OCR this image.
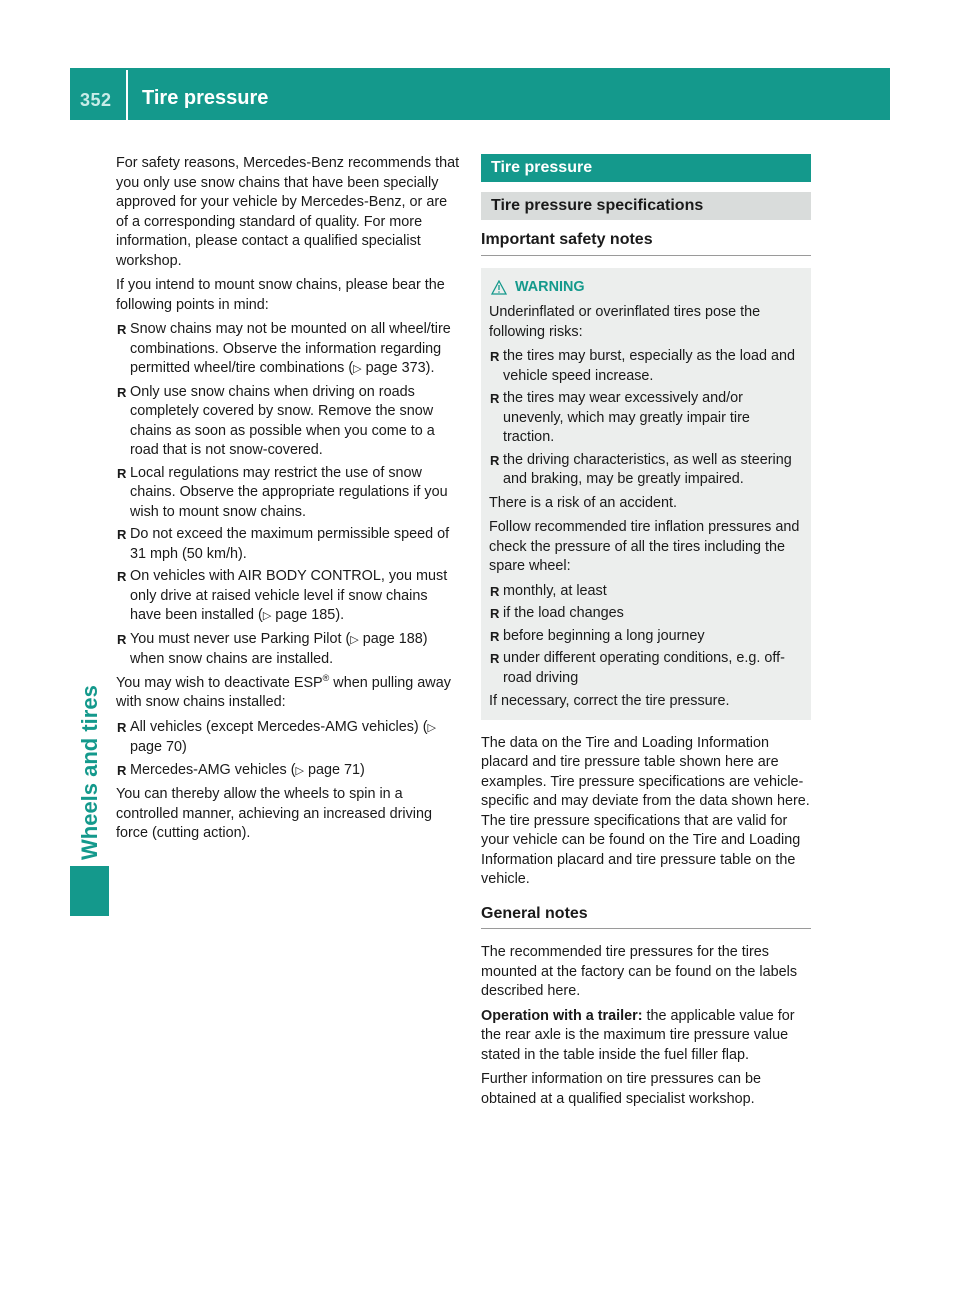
352 Tire pressure
Wheels and tires

For safety reasons, Mercedes-Benz recommends that you only use snow chains that have been specially approved for your vehicle by Mercedes-Benz, or are of a corresponding standard of quality. For more information, please contact a qualified specialist workshop.

If you intend to mount snow chains, please bear the following points in mind:

R Snow chains may not be mounted on all wheel/tire combinations. Observe the information regarding permitted wheel/tire combinations (▷ page 373).
R Only use snow chains when driving on roads completely covered by snow. Remove the snow chains as soon as possible when you come to a road that is not snow-covered.
R Local regulations may restrict the use of snow chains. Observe the appropriate regulations if you wish to mount snow chains.
R Do not exceed the maximum permissible speed of 31 mph (50 km/h).
R On vehicles with AIR BODY CONTROL, you must only drive at raised vehicle level if snow chains have been installed (▷ page 185).
R You must never use Parking Pilot (▷ page 188) when snow chains are installed.

You may wish to deactivate ESP® when pulling away with snow chains installed:

R All vehicles (except Mercedes-AMG vehicles) (▷ page 70)
R Mercedes-AMG vehicles (▷ page 71)

You can thereby allow the wheels to spin in a controlled manner, achieving an increased driving force (cutting action).

Tire pressure
Tire pressure specifications
Important safety notes
WARNING

Underinflated or overinflated tires pose the following risks:

R the tires may burst, especially as the load and vehicle speed increase.
R the tires may wear excessively and/or unevenly, which may greatly impair tire traction.
R the driving characteristics, as well as steering and braking, may be greatly impaired.

There is a risk of an accident.

Follow recommended tire inflation pressures and check the pressure of all the tires including the spare wheel:

R monthly, at least
R if the load changes
R before beginning a long journey
R under different operating conditions, e.g. off-road driving

If necessary, correct the tire pressure.

The data on the Tire and Loading Information placard and tire pressure table shown here are examples. Tire pressure specifications are vehicle-specific and may deviate from the data shown here. The tire pressure specifications that are valid for your vehicle can be found on the Tire and Loading Information placard and tire pressure table on the vehicle.

General notes

The recommended tire pressures for the tires mounted at the factory can be found on the labels described here.

Operation with a trailer: the applicable value for the rear axle is the maximum tire pressure value stated in the table inside the fuel filler flap.

Further information on tire pressures can be obtained at a qualified specialist workshop.
